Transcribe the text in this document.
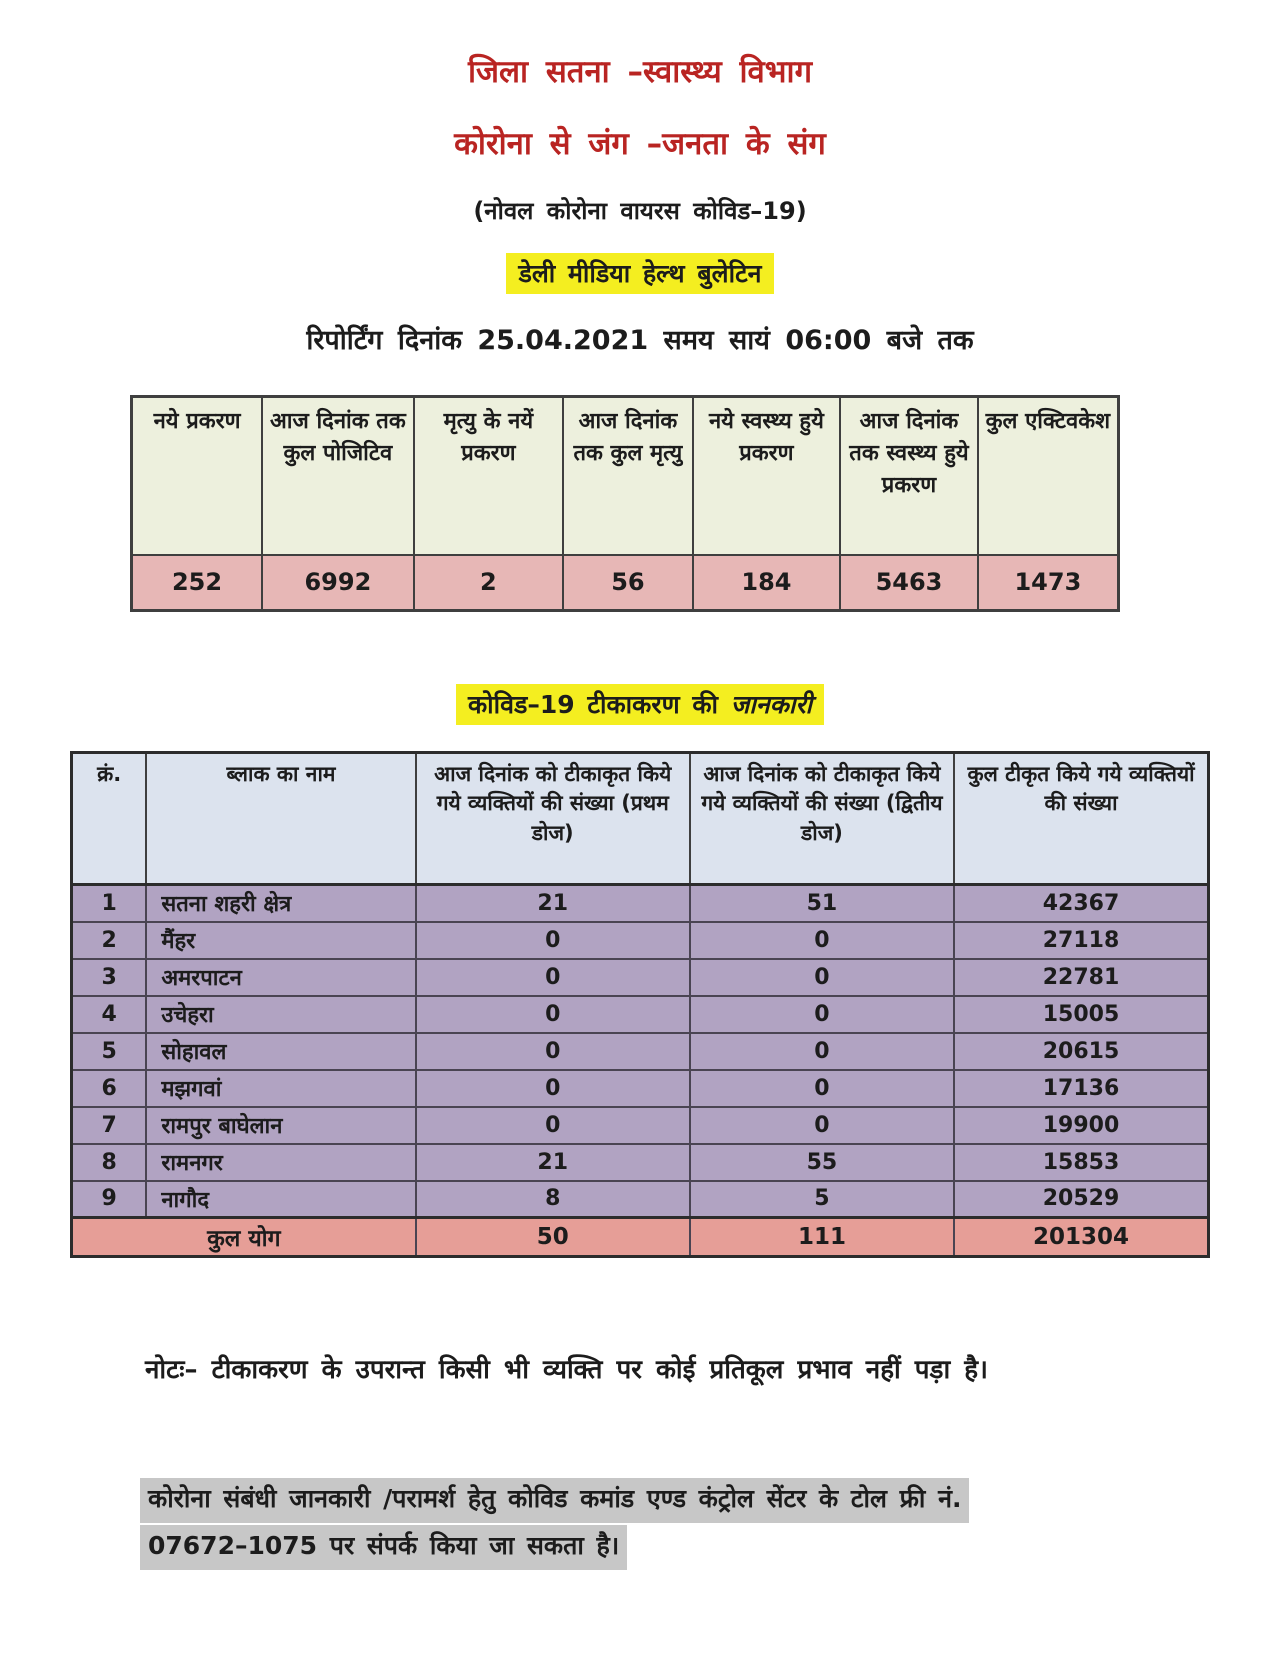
जिला सतना –स्वास्थ्य विभाग
कोरोना से जंग –जनता के संग
(नोवल कोरोना वायरस कोविड–19)
डेली मीडिया हेल्थ बुलेटिन
रिपोर्टिंग दिनांक 25.04.2021 समय सायं 06:00 बजे तक
नये प्रकरण	आज दिनांक तक कुल पोजिटिव	मृत्यु के नयें प्रकरण	आज दिनांक तक कुल मृत्यु	नये स्वस्थ्य हुये प्रकरण	आज दिनांक तक स्वस्थ्य हुये प्रकरण	कुल एक्टिवकेश
252	6992	2	56	184	5463	1473
कोविड–19 टीकाकरण की जानकारी
क्रं.	ब्लाक का नाम	आज दिनांक को टीकाकृत किये गये व्यक्तियों की संख्या (प्रथम डोज)	आज दिनांक को टीकाकृत किये गये व्यक्तियों की संख्या (द्वितीय डोज)	कुल टीकृत किये गये व्यक्तियों की संख्या
1	सतना शहरी क्षेत्र	21	51	42367
2	मैंहर	0	0	27118
3	अमरपाटन	0	0	22781
4	उचेहरा	0	0	15005
5	सोहावल	0	0	20615
6	मझगवां	0	0	17136
7	रामपुर बाघेलान	0	0	19900
8	रामनगर	21	55	15853
9	नागौद	8	5	20529
कुल योग		50	111	201304
नोटः– टीकाकरण के उपरान्त किसी भी व्यक्ति पर कोई प्रतिकूल प्रभाव नहीं पड़ा है।
कोरोना संबंधी जानकारी /परामर्श हेतु कोविड कमांड एण्ड कंट्रोल सेंटर के टोल फ्री नं.
07672–1075 पर संपर्क किया जा सकता है।
